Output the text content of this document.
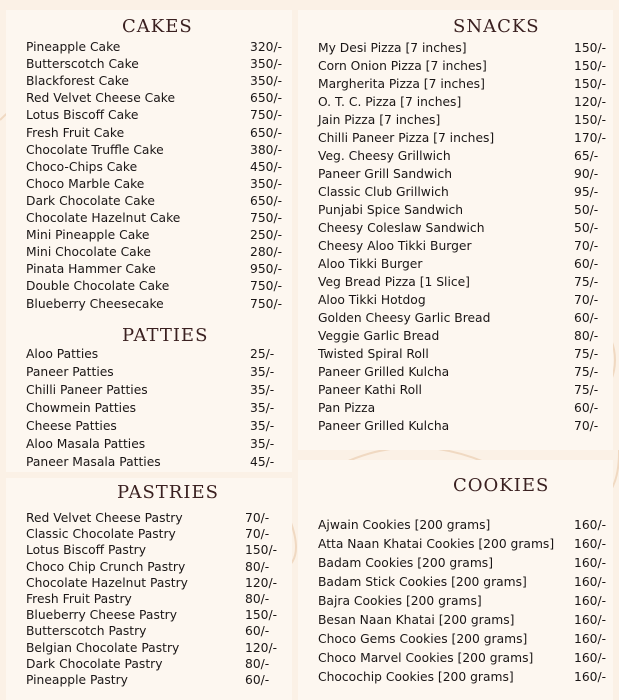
CAKES
Pineapple Cake	320/-
Butterscotch Cake	350/-
Blackforest Cake	350/-
Red Velvet Cheese Cake	650/-
Lotus Biscoff Cake	750/-
Fresh Fruit Cake	650/-
Chocolate Truffle Cake	380/-
Choco-Chips Cake	450/-
Choco Marble Cake	350/-
Dark Chocolate Cake	650/-
Chocolate Hazelnut Cake	750/-
Mini Pineapple Cake	250/-
Mini Chocolate Cake	280/-
Pinata Hammer Cake	950/-
Double Chocolate Cake	750/-
Blueberry Cheesecake	750/-
PATTIES
Aloo Patties	25/-
Paneer Patties	35/-
Chilli Paneer Patties	35/-
Chowmein Patties	35/-
Cheese Patties	35/-
Aloo Masala Patties	35/-
Paneer Masala Patties	45/-
PASTRIES
Red Velvet Cheese Pastry	70/-
Classic Chocolate Pastry	70/-
Lotus Biscoff Pastry	150/-
Choco Chip Crunch Pastry	80/-
Chocolate Hazelnut Pastry	120/-
Fresh Fruit Pastry	80/-
Blueberry Cheese Pastry	150/-
Butterscotch Pastry	60/-
Belgian Chocolate Pastry	120/-
Dark Chocolate Pastry	80/-
Pineapple Pastry	60/-
SNACKS
My Desi Pizza [7 inches]	150/-
Corn Onion Pizza [7 inches]	150/-
Margherita Pizza [7 inches]	150/-
O. T. C. Pizza [7 inches]	120/-
Jain Pizza [7 inches]	150/-
Chilli Paneer Pizza [7 inches]	170/-
Veg. Cheesy Grillwich	65/-
Paneer Grill Sandwich	90/-
Classic Club Grillwich	95/-
Punjabi Spice Sandwich	50/-
Cheesy Coleslaw Sandwich	50/-
Cheesy Aloo Tikki Burger	70/-
Aloo Tikki Burger	60/-
Veg Bread Pizza [1 Slice]	75/-
Aloo Tikki Hotdog	70/-
Golden Cheesy Garlic Bread	60/-
Veggie Garlic Bread	80/-
Twisted Spiral Roll	75/-
Paneer Grilled Kulcha	75/-
Paneer Kathi Roll	75/-
Pan Pizza	60/-
Paneer Grilled Kulcha	70/-
COOKIES
Ajwain Cookies [200 grams]	160/-
Atta Naan Khatai Cookies [200 grams] 160/-
Badam Cookies [200 grams]	160/-
Badam Stick Cookies [200 grams]	160/-
Bajra Cookies [200 grams]	160/-
Besan Naan Khatai [200 grams]	160/-
Choco Gems Cookies [200 grams]	160/-
Choco Marvel Cookies [200 grams]	160/-
Chocochip Cookies [200 grams]	160/-
